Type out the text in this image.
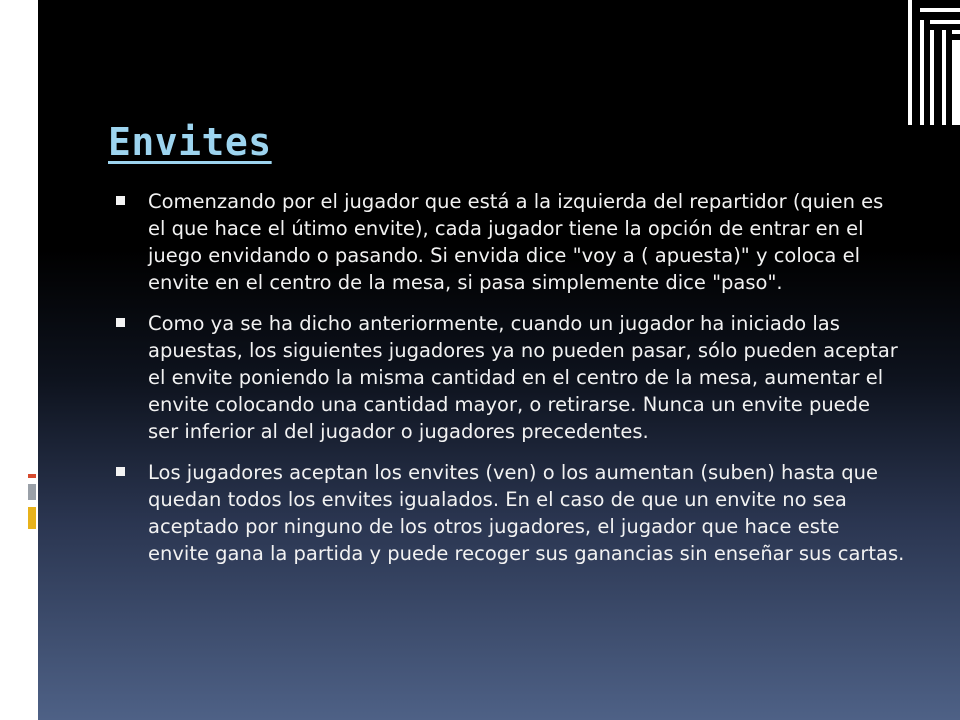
Envites
Comenzando por el jugador que está a la izquierda del repartidor (quien es el que hace el útimo envite), cada jugador tiene la opción de entrar en el juego envidando o pasando. Si envida dice "voy a ( apuesta)" y coloca el envite en el centro de la mesa, si pasa simplemente dice "paso".
Como ya se ha dicho anteriormente, cuando un jugador ha iniciado las apuestas, los siguientes jugadores ya no pueden pasar, sólo pueden aceptar el envite poniendo la misma cantidad en el centro de la mesa, aumentar el envite colocando una cantidad mayor, o retirarse. Nunca un envite puede ser inferior al del jugador o jugadores precedentes.
Los jugadores aceptan los envites (ven) o los aumentan (suben) hasta que quedan todos los envites igualados. En el caso de que un envite no sea aceptado por ninguno de los otros jugadores, el jugador que hace este envite gana la partida y puede recoger sus ganancias sin enseñar sus cartas.
